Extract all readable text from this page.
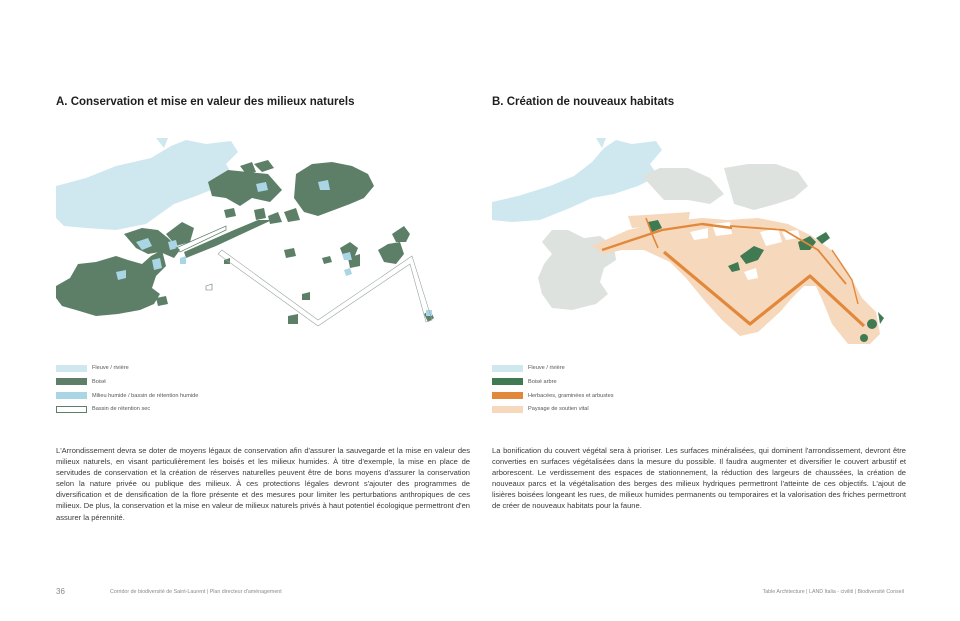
A. Conservation et mise en valeur des milieux naturels
Fleuve / rivière
Boisé
Milieu humide / bassin de rétention humide
Bassin de rétention sec

L'Arrondissement devra se doter de moyens légaux de conservation afin d'assurer la sauvegarde et la mise en valeur des milieux naturels, en visant particulièrement les boisés et les milieux humides. À titre d'exemple, la mise en place de servitudes de conservation et la création de réserves naturelles peuvent être de bons moyens d'assurer la conservation selon la nature privée ou publique des milieux. À ces protections légales devront s'ajouter des programmes de diversification et de densification de la flore présente et des mesures pour limiter les perturbations anthropiques de ces milieux. De plus, la conservation et la mise en valeur de milieux naturels privés à haut potentiel écologique permettront d'en assurer la pérennité.

B. Création de nouveaux habitats
Fleuve / rivière
Boisé arbre
Herbacées, graminées et arbustes
Paysage de soutien vital

La bonification du couvert végétal sera à prioriser. Les surfaces minéralisées, qui dominent l'arrondissement, devront être converties en surfaces végétalisées dans la mesure du possible. Il faudra augmenter et diversifier le couvert arbustif et arborescent. Le verdissement des espaces de stationnement, la réduction des largeurs de chaussées, la création de nouveaux parcs et la végétalisation des berges des milieux hydriques permettront l'atteinte de ces objectifs. L'ajout de lisières boisées longeant les rues, de milieux humides permanents ou temporaires et la valorisation des friches permettront de créer de nouveaux habitats pour la faune.

36	Corridor de biodiversité de Saint-Laurent | Plan directeur d'aménagement	Table Architecture | LAND Italia - civiliti | Biodiversité Conseil
